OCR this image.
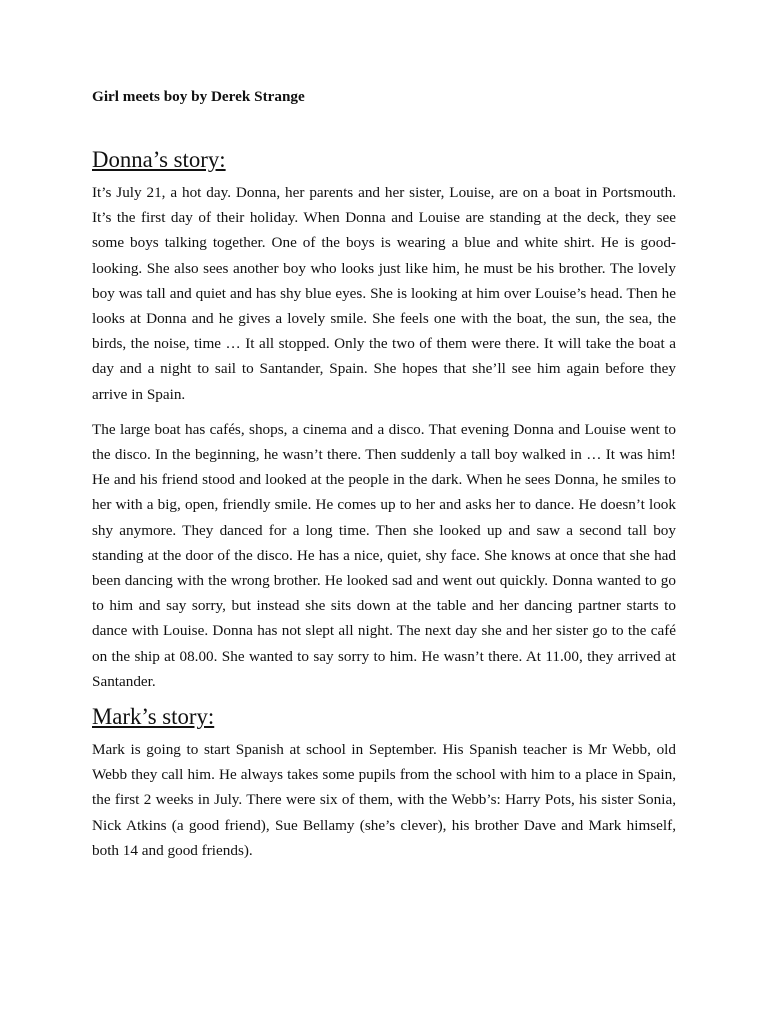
Girl meets boy by Derek Strange
Donna’s story:

It’s July 21, a hot day. Donna, her parents and her sister, Louise, are on a boat in Portsmouth. It’s the first day of their holiday. When Donna and Louise are standing at the deck, they see some boys talking together. One of the boys is wearing a blue and white shirt. He is good-looking. She also sees another boy who looks just like him, he must be his brother. The lovely boy was tall and quiet and has shy blue eyes. She is looking at him over Louise’s head. Then he looks at Donna and he gives a lovely smile. She feels one with the boat, the sun, the sea, the birds, the noise, time … It all stopped. Only the two of them were there. It will take the boat a day and a night to sail to Santander, Spain. She hopes that she’ll see him again before they arrive in Spain.

The large boat has cafés, shops, a cinema and a disco. That evening Donna and Louise went to the disco. In the beginning, he wasn’t there. Then suddenly a tall boy walked in … It was him! He and his friend stood and looked at the people in the dark. When he sees Donna, he smiles to her with a big, open, friendly smile. He comes up to her and asks her to dance. He doesn’t look shy anymore. They danced for a long time. Then she looked up and saw a second tall boy standing at the door of the disco. He has a nice, quiet, shy face. She knows at once that she had been dancing with the wrong brother. He looked sad and went out quickly. Donna wanted to go to him and say sorry, but instead she sits down at the table and her dancing partner starts to dance with Louise. Donna has not slept all night. The next day she and her sister go to the café on the ship at 08.00. She wanted to say sorry to him. He wasn’t there. At 11.00, they arrived at Santander.

Mark’s story:

Mark is going to start Spanish at school in September. His Spanish teacher is Mr Webb, old Webb they call him. He always takes some pupils from the school with him to a place in Spain, the first 2 weeks in July. There were six of them, with the Webb’s: Harry Pots, his sister Sonia, Nick Atkins (a good friend), Sue Bellamy (she’s clever), his brother Dave and Mark himself, both 14 and good friends).
